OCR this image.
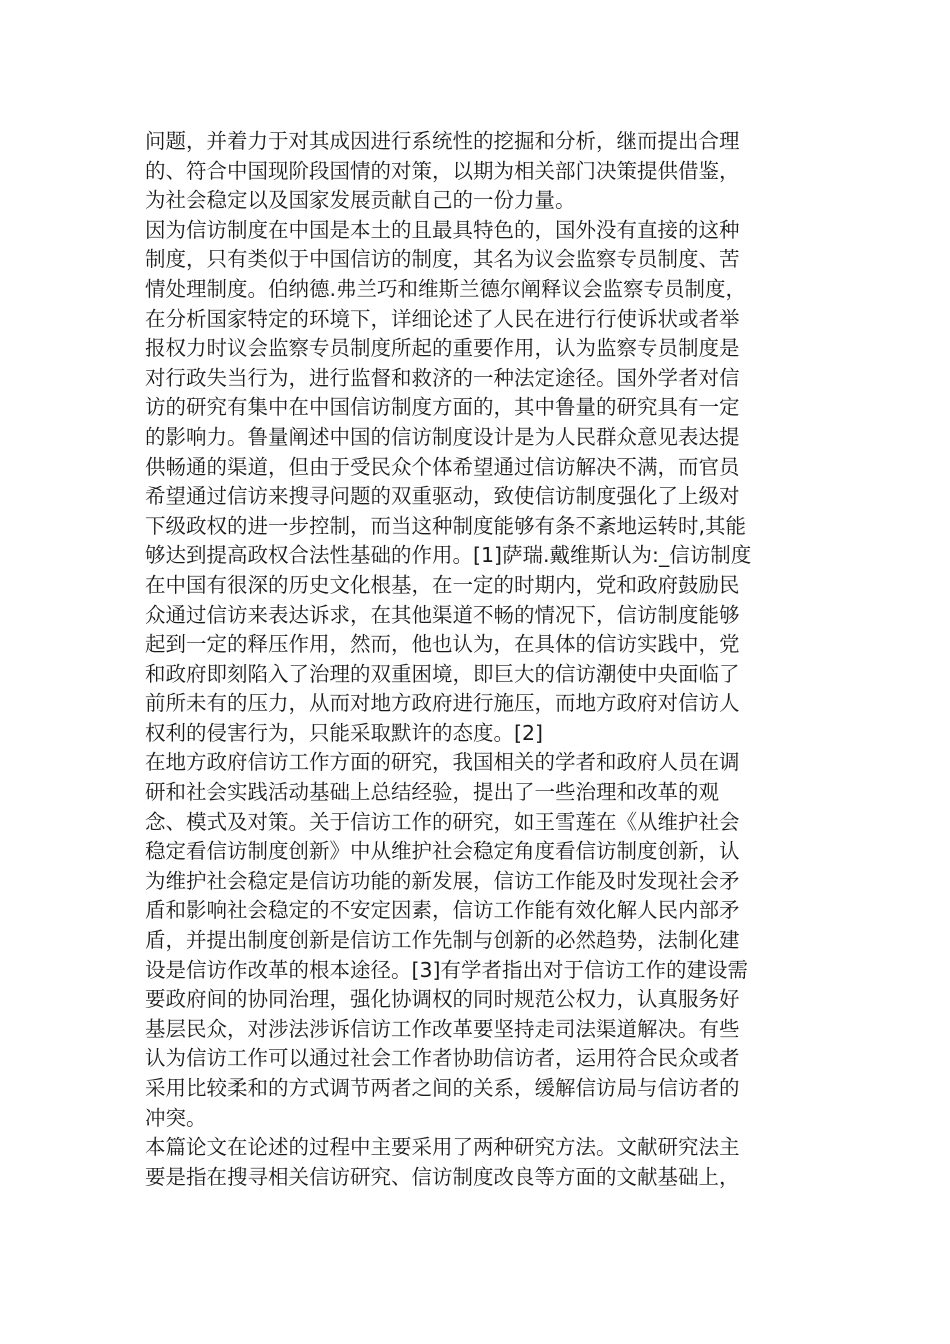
问题，并着力于对其成因进行系统性的挖掘和分析，继而提出合理
的、符合中国现阶段国情的对策，以期为相关部门决策提供借鉴，
为社会稳定以及国家发展贡献自己的一份力量。
因为信访制度在中国是本土的且最具特色的，国外没有直接的这种
制度，只有类似于中国信访的制度，其名为议会监察专员制度、苦
情处理制度。伯纳德.弗兰巧和维斯兰德尔阐释议会监察专员制度，
在分析国家特定的环境下，详细论述了人民在进行行使诉状或者举
报权力时议会监察专员制度所起的重要作用，认为监察专员制度是
对行政失当行为，进行监督和救济的一种法定途径。国外学者对信
访的研究有集中在中国信访制度方面的，其中鲁量的研究具有一定
的影响力。鲁量阐述中国的信访制度设计是为人民群众意见表达提
供畅通的渠道，但由于受民众个体希望通过信访解决不满，而官员
希望通过信访来搜寻问题的双重驱动，致使信访制度强化了上级对
下级政权的进一步控制，而当这种制度能够有条不紊地运转时,其能
够达到提高政权合法性基础的作用。[1]萨瑞.戴维斯认为:_信访制度
在中国有很深的历史文化根基，在一定的时期内，党和政府鼓励民
众通过信访来表达诉求，在其他渠道不畅的情况下，信访制度能够
起到一定的释压作用，然而，他也认为，在具体的信访实践中，党
和政府即刻陷入了治理的双重困境，即巨大的信访潮使中央面临了
前所未有的压力，从而对地方政府进行施压，而地方政府对信访人
权利的侵害行为，只能采取默许的态度。[2]
在地方政府信访工作方面的研究，我国相关的学者和政府人员在调
研和社会实践活动基础上总结经验，提出了一些治理和改革的观
念、模式及对策。关于信访工作的研究，如王雪莲在《从维护社会
稳定看信访制度创新》中从维护社会稳定角度看信访制度创新，认
为维护社会稳定是信访功能的新发展，信访工作能及时发现社会矛
盾和影响社会稳定的不安定因素，信访工作能有效化解人民内部矛
盾，并提出制度创新是信访工作先制与创新的必然趋势，法制化建
设是信访作改革的根本途径。[3]有学者指出对于信访工作的建设需
要政府间的协同治理，强化协调权的同时规范公权力，认真服务好
基层民众，对涉法涉诉信访工作改革要坚持走司法渠道解决。有些
认为信访工作可以通过社会工作者协助信访者，运用符合民众或者
采用比较柔和的方式调节两者之间的关系，缓解信访局与信访者的
冲突。
本篇论文在论述的过程中主要采用了两种研究方法。文献研究法主
要是指在搜寻相关信访研究、信访制度改良等方面的文献基础上，
